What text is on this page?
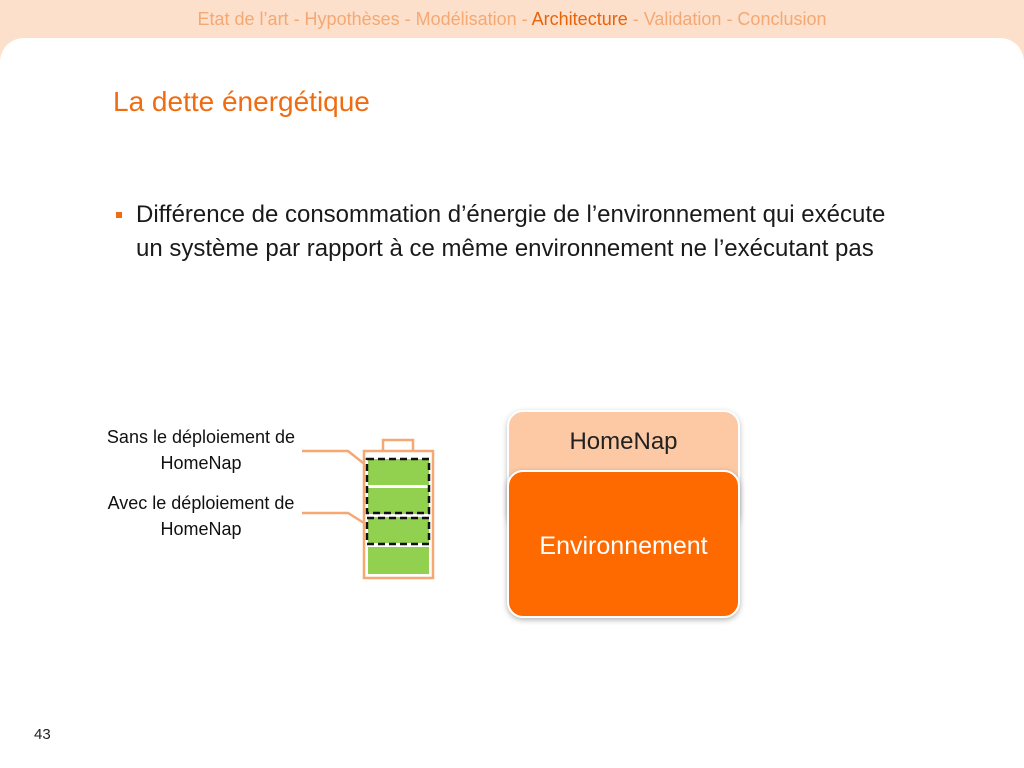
Etat de l’art - Hypothèses - Modélisation - Architecture - Validation - Conclusion
La dette énergétique
Différence de consommation d’énergie de l’environnement qui exécute un système par rapport à ce même environnement ne l’exécutant pas
Sans le déploiement de HomeNap
Avec le déploiement de HomeNap
HomeNap
Environnement
43
